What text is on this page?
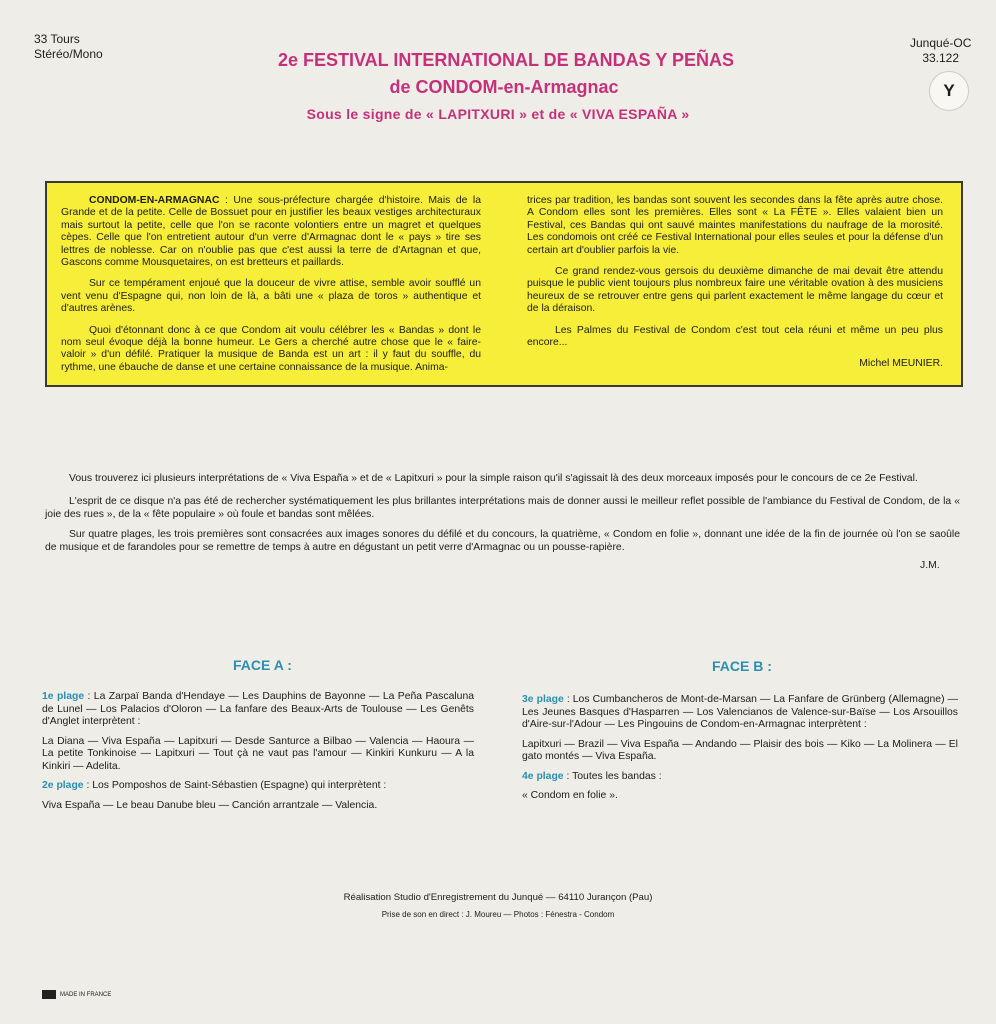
33 Tours
Stéréo/Mono
Junqué-OC
33.122
Y
2e FESTIVAL INTERNATIONAL DE BANDAS Y PEÑAS
de CONDOM-en-Armagnac
Sous le signe de « LAPITXURI » et de « VIVA ESPAÑA »

CONDOM-EN-ARMAGNAC : Une sous-préfecture chargée d'histoire. Mais de la Grande et de la petite. Celle de Bossuet pour en justifier les beaux vestiges architecturaux mais surtout la petite, celle que l'on se raconte volontiers entre un magret et quelques cèpes. Celle que l'on entretient autour d'un verre d'Armagnac dont le « pays » tire ses lettres de noblesse. Car on n'oublie pas que c'est aussi la terre de d'Artagnan et que, Gascons comme Mousquetaires, on est bretteurs et paillards.

Sur ce tempérament enjoué que la douceur de vivre attise, semble avoir soufflé un vent venu d'Espagne qui, non loin de là, a bâti une « plaza de toros » authentique et d'autres arènes.

Quoi d'étonnant donc à ce que Condom ait voulu célébrer les « Bandas » dont le nom seul évoque déjà la bonne humeur. Le Gers a cherché autre chose que le « faire-valoir » d'un défilé. Pratiquer la musique de Banda est un art : il y faut du souffle, du rythme, une ébauche de danse et une certaine connaissance de la musique. Anima-

trices par tradition, les bandas sont souvent les secondes dans la fête après autre chose. A Condom elles sont les premières. Elles sont « La FÊTE ». Elles valaient bien un Festival, ces Bandas qui ont sauvé maintes manifestations du naufrage de la morosité. Les condomois ont créé ce Festival International pour elles seules et pour la défense d'un certain art d'oublier parfois la vie.

Ce grand rendez-vous gersois du deuxième dimanche de mai devait être attendu puisque le public vient toujours plus nombreux faire une véritable ovation à des musiciens heureux de se retrouver entre gens qui parlent exactement le même langage du cœur et de la déraison.

Les Palmes du Festival de Condom c'est tout cela réuni et même un peu plus encore...

Michel MEUNIER.

Vous trouverez ici plusieurs interprétations de « Viva España » et de « Lapitxuri » pour la simple raison qu'il s'agissait là des deux morceaux imposés pour le concours de ce 2e Festival.

L'esprit de ce disque n'a pas été de rechercher systématiquement les plus brillantes interprétations mais de donner aussi le meilleur reflet possible de l'ambiance du Festival de Condom, de la « joie des rues », de la « fête populaire » où foule et bandas sont mêlées.

Sur quatre plages, les trois premières sont consacrées aux images sonores du défilé et du concours, la quatrième, « Condom en folie », donnant une idée de la fin de journée où l'on se saoûle de musique et de farandoles pour se remettre de temps à autre en dégustant un petit verre d'Armagnac ou un pousse-rapière.

J.M.
FACE A :

1e plage : La Zarpaï Banda d'Hendaye — Les Dauphins de Bayonne — La Peña Pascaluna de Lunel — Los Palacios d'Oloron — La fanfare des Beaux-Arts de Toulouse — Les Genêts d'Anglet interprètent :

La Diana — Viva España — Lapitxuri — Desde Santurce a Bilbao — Valencia — Haoura — La petite Tonkinoise — Lapitxuri — Tout çà ne vaut pas l'amour — Kinkiri Kunkuru — A la Kinkiri — Adelita.

2e plage : Los Pomposhos de Saint-Sébastien (Espagne) qui interprètent :

Viva España — Le beau Danube bleu — Canción arrantzale — Valencia.

FACE B :

3e plage : Los Cumbancheros de Mont-de-Marsan — La Fanfare de Grünberg (Allemagne) — Les Jeunes Basques d'Hasparren — Los Valencianos de Valence-sur-Baïse — Los Arsouillos d'Aire-sur-l'Adour — Les Pingouins de Condom-en-Armagnac interprètent :

Lapitxuri — Brazil — Viva España — Andando — Plaisir des bois — Kiko — La Molinera — El gato montés — Viva España.

4e plage : Toutes les bandas :

« Condom en folie ».

Réalisation Studio d'Enregistrement du Junqué — 64110 Jurançon (Pau)
Prise de son en direct : J. Moureu — Photos : Fénestra - Condom
MADE IN FRANCE
